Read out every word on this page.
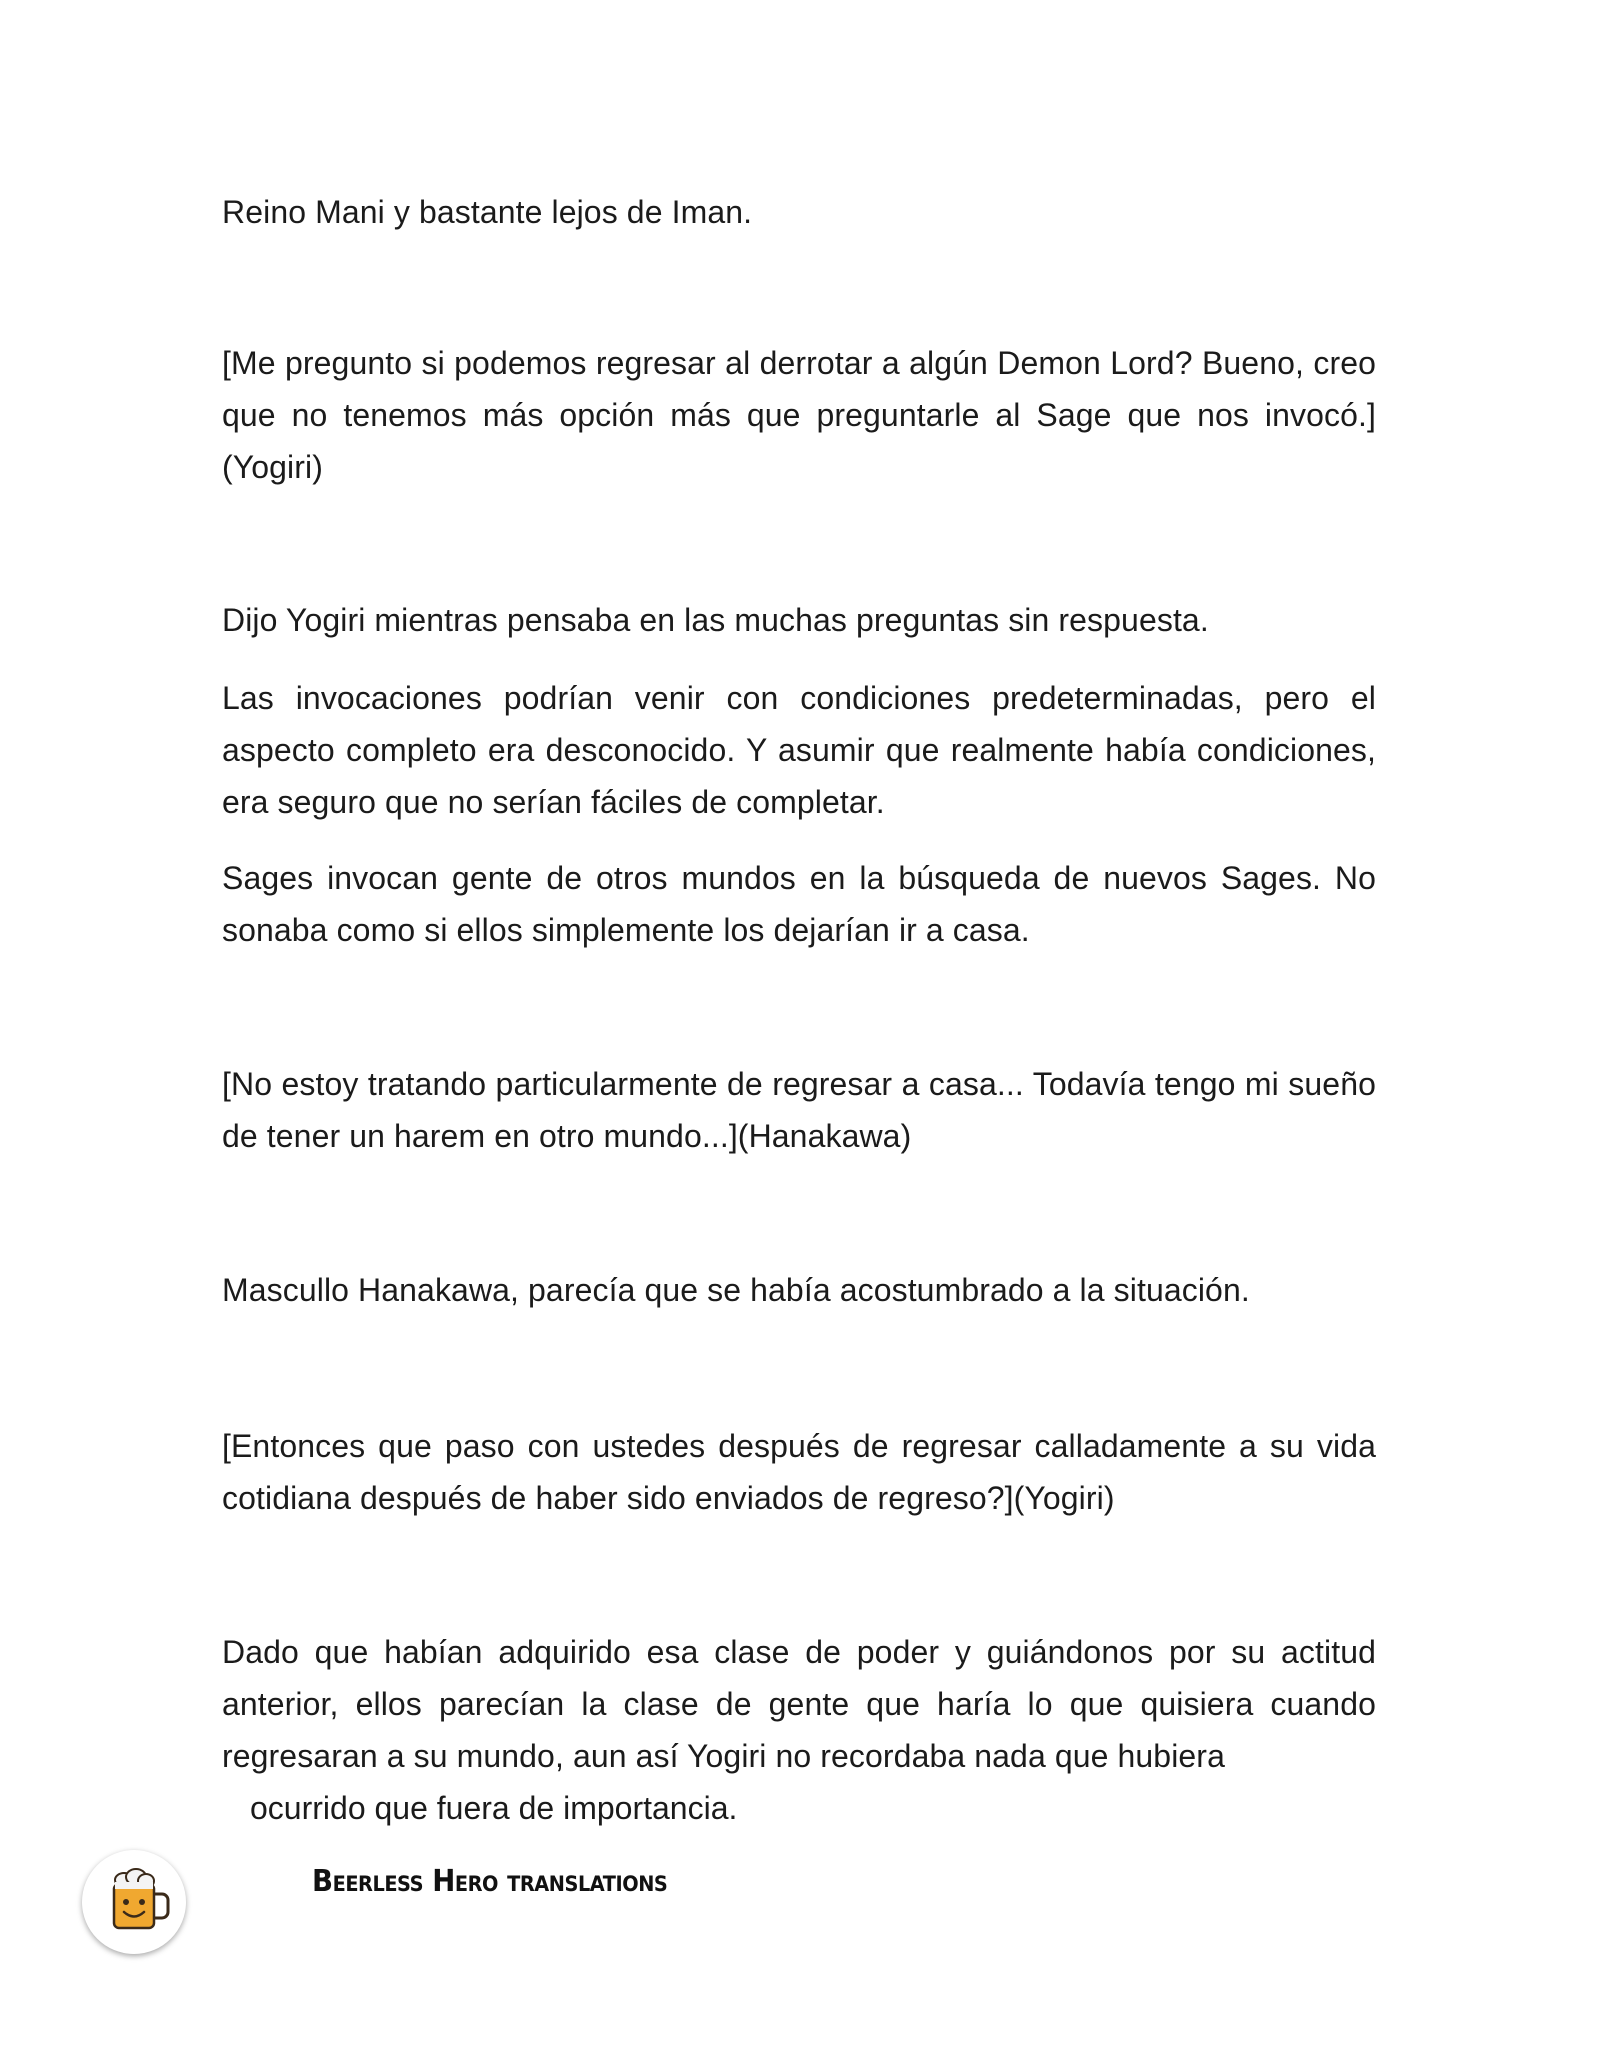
Reino Mani y bastante lejos de Iman.

[Me pregunto si podemos regresar al derrotar a algún Demon Lord? Bueno, creo que no tenemos más opción más que preguntarle al Sage que nos invocó.](Yogiri)

Dijo Yogiri mientras pensaba en las muchas preguntas sin respuesta.

Las invocaciones podrían venir con condiciones predeterminadas, pero el aspecto completo era desconocido. Y asumir que realmente había condiciones, era seguro que no serían fáciles de completar.

Sages invocan gente de otros mundos en la búsqueda de nuevos Sages. No sonaba como si ellos simplemente los dejarían ir a casa.

[No estoy tratando particularmente de regresar a casa... Todavía tengo mi sueño de tener un harem en otro mundo...](Hanakawa)

Mascullo Hanakawa, parecía que se había acostumbrado a la situación.

[Entonces que paso con ustedes después de regresar calladamente a su vida cotidiana después de haber sido enviados de regreso?](Yogiri)

Dado que habían adquirido esa clase de poder y guiándonos por su actitud anterior, ellos parecían la clase de gente que haría lo que quisiera cuando regresaran a su mundo, aun así Yogiri no recordaba nada que hubiera

ocurrido que fuera de importancia.

Beerless Hero translations
